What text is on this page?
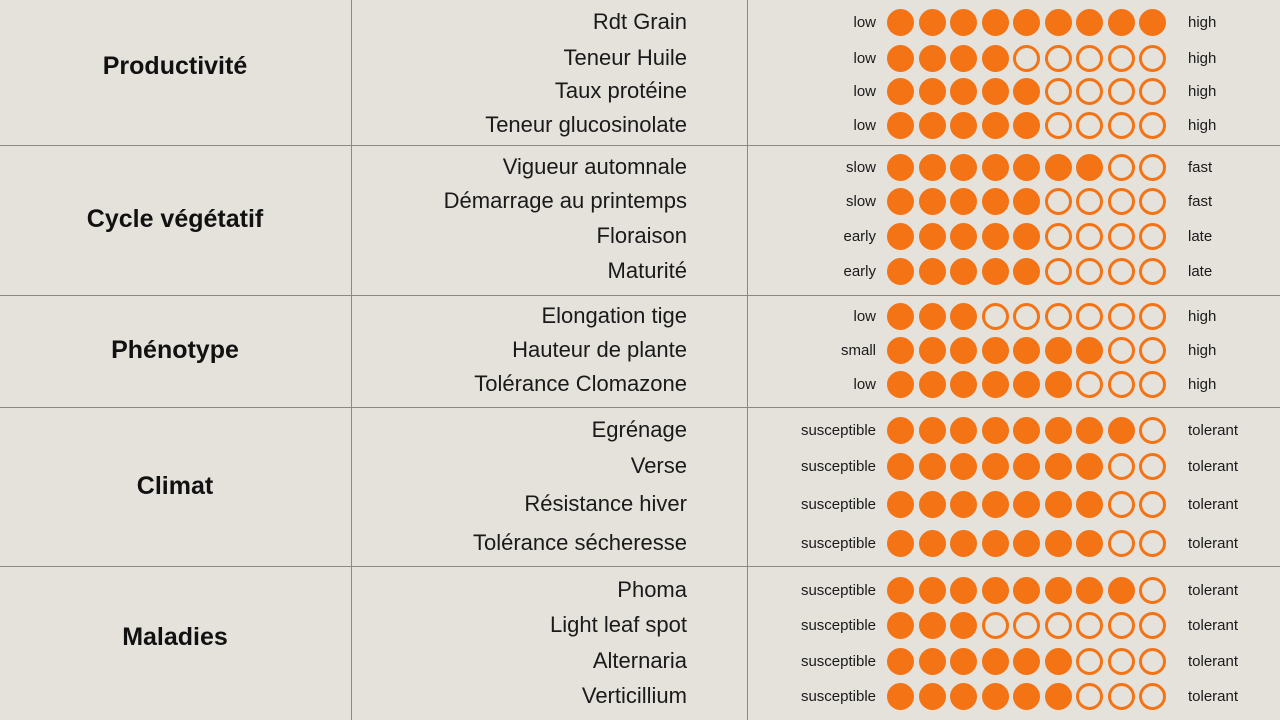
Productivité
Rdt Grain	low	high
Teneur Huile	low	high
Taux protéine	low	high
Teneur glucosinolate	low	high
Cycle végétatif
Vigueur automnale	slow	fast
Démarrage au printemps	slow	fast
Floraison	early	late
Maturité	early	late
Phénotype
Elongation tige	low	high
Hauteur de plante	small	high
Tolérance Clomazone	low	high
Climat
Egrénage	susceptible	tolerant
Verse	susceptible	tolerant
Résistance hiver	susceptible	tolerant
Tolérance sécheresse	susceptible	tolerant
Maladies
Phoma	susceptible	tolerant
Light leaf spot	susceptible	tolerant
Alternaria	susceptible	tolerant
Verticillium	susceptible	tolerant
